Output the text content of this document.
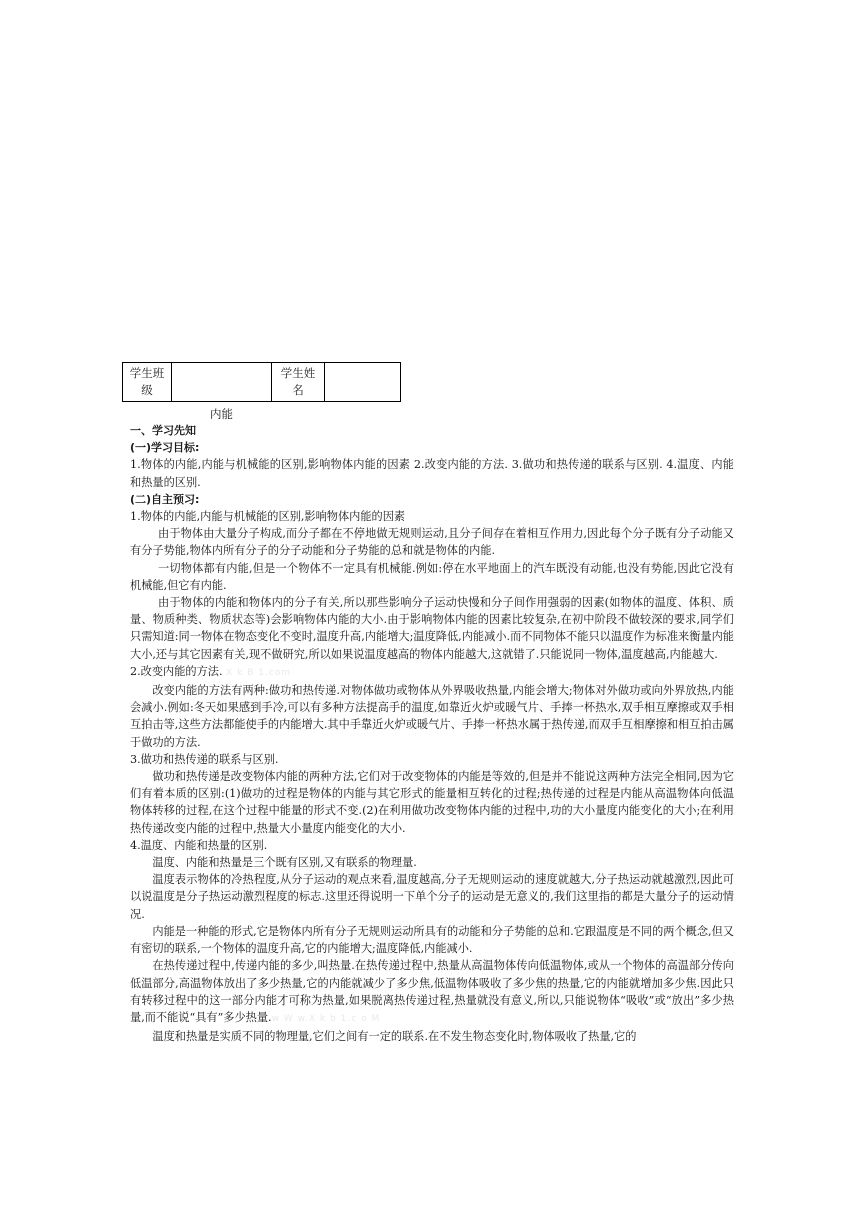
学生班级		学生姓名	
内能
一、学习先知
(一)学习目标:

1.物体的内能,内能与机械能的区别,影响物体内能的因素 2.改变内能的方法. 3.做功和热传递的联系与区别. 4.温度、内能和热量的区别.

(二)自主预习:
1.物体的内能,内能与机械能的区别,影响物体内能的因素

由于物体由大量分子构成,而分子都在不停地做无规则运动,且分子间存在着相互作用力,因此每个分子既有分子动能又有分子势能,物体内所有分子的分子动能和分子势能的总和就是物体的内能.

一切物体都有内能,但是一个物体不一定具有机械能.例如:停在水平地面上的汽车既没有动能,也没有势能,因此它没有机械能,但它有内能.

由于物体的内能和物体内的分子有关,所以那些影响分子运动快慢和分子间作用强弱的因素(如物体的温度、体积、质量、物质种类、物质状态等)会影响物体内能的大小.由于影响物体内能的因素比较复杂,在初中阶段不做较深的要求,同学们只需知道:同一物体在物态变化不变时,温度升高,内能增大;温度降低,内能减小.而不同物体不能只以温度作为标准来衡量内能大小,还与其它因素有关,现不做研究,所以如果说温度越高的物体内能越大,这就错了.只能说同一物体,温度越高,内能越大.

2.改变内能的方法. X k B 1.com

改变内能的方法有两种:做功和热传递.对物体做功或物体从外界吸收热量,内能会增大;物体对外做功或向外界放热,内能会减小.例如:冬天如果感到手冷,可以有多种方法提高手的温度,如靠近火炉或暖气片、手捧一杯热水,双手相互摩擦或双手相互拍击等,这些方法都能使手的内能增大.其中手靠近火炉或暖气片、手捧一杯热水属于热传递,而双手互相摩擦和相互拍击属于做功的方法.

3.做功和热传递的联系与区别.

做功和热传递是改变物体内能的两种方法,它们对于改变物体的内能是等效的,但是并不能说这两种方法完全相同,因为它们有着本质的区别:(1)做功的过程是物体的内能与其它形式的能量相互转化的过程;热传递的过程是内能从高温物体向低温物体转移的过程,在这个过程中能量的形式不变.(2)在利用做功改变物体内能的过程中,功的大小量度内能变化的大小;在利用热传递改变内能的过程中,热量大小量度内能变化的大小.

4.温度、内能和热量的区别.

温度、内能和热量是三个既有区别,又有联系的物理量.

温度表示物体的冷热程度,从分子运动的观点来看,温度越高,分子无规则运动的速度就越大,分子热运动就越激烈,因此可以说温度是分子热运动激烈程度的标志.这里还得说明一下单个分子的运动是无意义的,我们这里指的都是大量分子的运动情况.

内能是一种能的形式,它是物体内所有分子无规则运动所具有的动能和分子势能的总和.它跟温度是不同的两个概念,但又有密切的联系,一个物体的温度升高,它的内能增大;温度降低,内能减小.

在热传递过程中,传递内能的多少,叫热量.在热传递过程中,热量从高温物体传向低温物体,或从一个物体的高温部分传向低温部分,高温物体放出了多少热量,它的内能就减少了多少焦,低温物体吸收了多少焦的热量,它的内能就增加多少焦.因此只有转移过程中的这一部分内能才可称为热量,如果脱离热传递过程,热量就没有意义,所以,只能说物体“吸收”或“放出”多少热量,而不能说“具有”多少热量.w W w.X k b 1.c o M

温度和热量是实质不同的物理量,它们之间有一定的联系.在不发生物态变化时,物体吸收了热量,它的
